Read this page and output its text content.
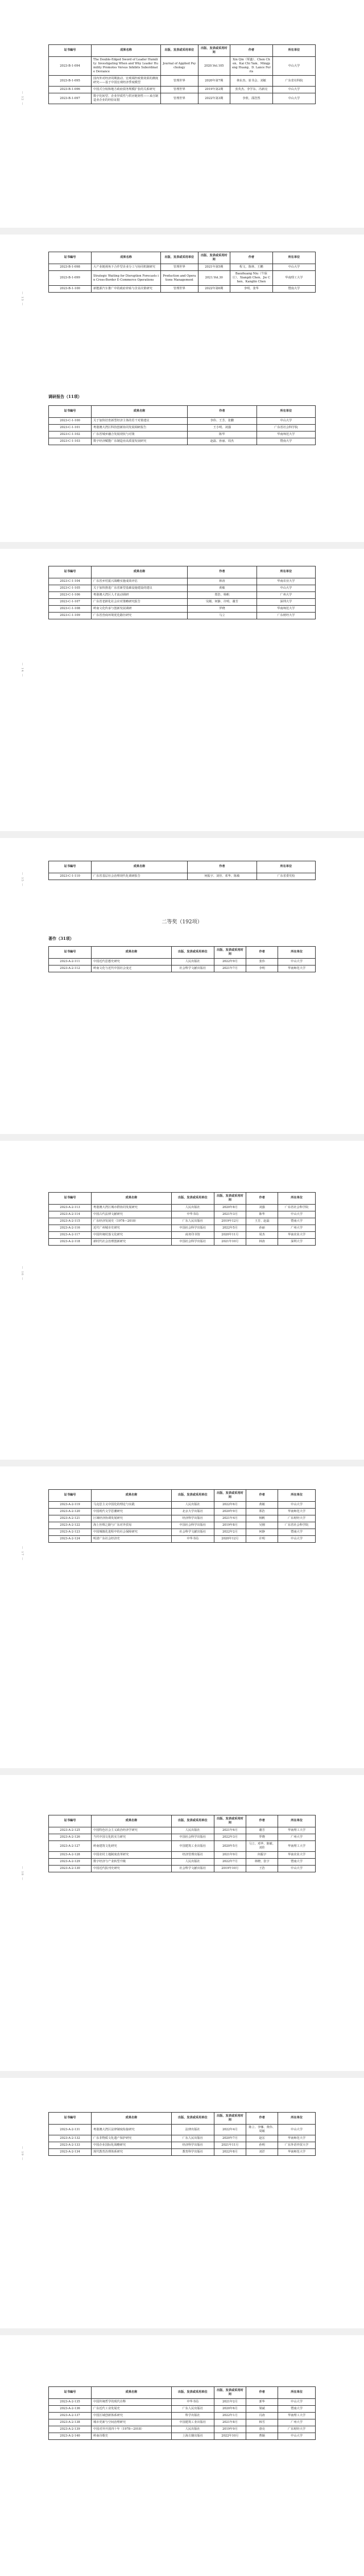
— 12 —
证书编号	成果名称	出版、发表或采用单位	出版、发表或采用时间	作者	所在单位
2023-B-1-094	The Double-Edged Sword of Leader Humility: Investigating When and Why Leader Humility Promotes Versus Inhibits Subordinate Deviance	Journal of Applied Psychology	2020.Vol.105	Xin Qin（覃鑫）、Chen Chen、Kai Chi Yam、Mingpeng Huang、D. Lance Ferris	中山大学
2023-B-1-095	国内外对经济周期波动、宏观调控政策效果的测度研究——基于中国宏观经济季度模型	管理世界	2020年第7期	林东杰、崔书会、刘敏	广东省社科院
2023-B-1-096	中国式分权和地方政府债务规模扩张的关系研究	管理世界	2019年第2期	张英杰、李学东、冯新亮	中山大学
2023-B-1-097	数字化转型、企业异质性与供应链韧性——来自制造业企业的经验证据	管理世界	2022年第3期	李欣、邵浩然	中山大学
— 13 —
证书编号	成果名称	出版、发表或采用单位	出版、发表或采用时间	作者	所在单位
2023-B-1-098	大产业链视角下合作型企业分工与协同机制研究	管理世界	2021年第5期	程文、陈林、王鹏	中山大学
2023-B-1-099	Strategic Waiting for Disruption Forecasts in Cross-Border E-Commerce Operations	Production and Operations Management	2021.Vol.30	Baozhuang Niu（牛保庄）、Xiangdi Chen、Jie Chen、Kanglin Chen	华南理工大学
2023-B-1-100	新能源汽车推广中的政府补贴与企业决策研究	管理世界	2022年第6期	李明、张华	暨南大学
调研报告（11项）
证书编号	成果名称	作者	所在单位
2023-C-1-100	关于加快培育新型经济主体的若干对策建议	李伟、王芳、张鹏	中山大学
2023-C-1-101	粤港澳大湾区科技创新协同发展调研报告	王小明、刘强	广东省社会科学院
2023-C-1-102	广东省城乡融合发展现状与对策	陈华	华南师范大学
2023-C-1-103	数字经济赋能广东制造业高质量发展研究	赵磊、孙丽、周杰	暨南大学
— 14 —
证书编号	成果名称	作者	所在单位
2023-C-1-104	广东省乡村振兴战略实施成效评估	林涛	华南农业大学
2023-C-1-105	关于加快推进广东省新型基础设施建设的建议	黄敏	中山大学
2023-C-1-106	粤港澳大湾区人才流动调研	郑浩、杨帆	广州大学
2023-C-1-107	广东省老龄化社会应对策略研究报告	吴刚、何静、许明、谢芳	深圳大学
2023-C-1-108	岭南文化传承与创新发展调研	罗晓	华南师范大学
2023-C-1-109	广东省营商环境优化路径研究	马立	广东财经大学
— 15 —
证书编号	成果名称	作者	所在单位
2023-C-1-110	广东省基层社会治理现代化调研报告	何振宇、刘佳、邓华、陈敏	广东省委党校
二等奖（192项）
著作（31项）
证书编号	成果名称	出版、发表或采用单位	出版、发表或采用时间	作者	所在单位
2023-A-2-111	中国近代思想史研究	人民出版社	2022年9月	张伟	中山大学
2023-A-2-112	岭南文化与近代中国社会变迁	社会科学文献出版社	2021年7月	李明	华南师范大学
— 16 —
证书编号	成果名称	出版、发表或采用单位	出版、发表或采用时间	作者	所在单位
2023-A-2-113	粤港澳大湾区城市群协同发展研究	人民出版社	2020年8月	刘强	广东省社会科学院
2023-A-2-114	中国古代法律文献研究	中华书局	2021年3月	陈华	中山大学
2023-A-2-115	广东经济发展史（1978—2018）	广东人民出版社	2019年12月	王芳、赵磊	暨南大学
2023-A-2-116	近代广州城市史研究	中国社会科学出版社	2022年5月	孙丽	广州大学
2023-A-2-117	中国传统村落文化研究	商务印书馆	2020年11月	周杰	华南农业大学
2023-A-2-118	新时代社会治理创新研究	中国社会科学出版社	2021年10月	林涛	深圳大学
— 17 —
证书编号	成果名称	出版、发表或采用单位	出版、发表或采用时间	作者	所在单位
2023-A-2-119	马克思主义中国化的理论与实践	人民出版社	2022年6月	黄敏	中山大学
2023-A-2-120	中国现代文学思潮研究	北京大学出版社	2020年9月	郑浩	华南师范大学
2023-A-2-121	区域经济协调发展研究	经济科学出版社	2021年4月	杨帆	广东财经大学
2023-A-2-122	海上丝绸之路与广东对外贸易	中国社会科学出版社	2019年8月	吴刚	广东省社会科学院
2023-A-2-123	中国城镇化进程中的社会保障研究	社会科学文献出版社	2022年2月	何静	暨南大学
2023-A-2-124	明清广东社会经济史	中华书局	2020年12月	许明	中山大学
— 18 —
证书编号	成果名称	出版、发表或采用单位	出版、发表或采用时间	作者	所在单位
2023-A-2-125	中国特色社会主义政治经济学研究	人民出版社	2021年6月	谢芳	华南理工大学
2023-A-2-126	当代中国文化软实力研究	中国社会科学出版社	2022年3月	罗晓	广州大学
2023-A-2-127	岭南建筑文化研究	中国建筑工业出版社	2020年5月	马立、邓华、陈敏、刘佳	华南理工大学
2023-A-2-128	中国农村土地制度改革研究	经济管理出版社	2021年9月	何振宇	华南农业大学
2023-A-2-129	数字经济与产业转型升级	人民出版社	2022年7月	林晓、张宇	暨南大学
2023-A-2-130	中国近代报刊史研究	社会科学文献出版社	2019年10月	王浩	中山大学
— 19 —
证书编号	成果名称	出版、发表或采用单位	出版、发表或采用时间	作者	所在单位
2023-A-2-131	粤港澳大湾区法律制度衔接研究	法律出版社	2022年4月	陈立、李娜、黄伟、周敏	中山大学
2023-A-2-132	广东非物质文化遗产保护研究	广东人民出版社	2020年7月	赵宏	华南师范大学
2023-A-2-133	中国企业国际化战略研究	经济科学出版社	2021年11月	孙明	广东外语外贸大学
2023-A-2-134	现代教育治理体系研究	教育科学出版社	2022年8月	刘洋	华南师范大学
证书编号	成果名称	出版、发表或采用单位	出版、发表或采用时间	作者	所在单位
2023-A-2-135	中国传统哲学的现代诠释	中华书局	2021年2月	郭华	中山大学
2023-A-2-136	广东近代工业发展史	广东人民出版社	2020年6月	梁斌	暨南大学
2023-A-2-137	中国区域创新体系研究	科学出版社	2022年1月	冯涛	华南理工大学
2023-A-2-138	城市更新与空间治理研究	中国建筑工业出版社	2021年8月	韩雪	广州大学
2023-A-2-139	中国对外开放四十年（1978—2018）	人民出版社	2019年9月	唐亮	广东财经大学
2023-A-2-140	岭南诗歌史	上海古籍出版社	2022年10月	曹颖	中山大学
